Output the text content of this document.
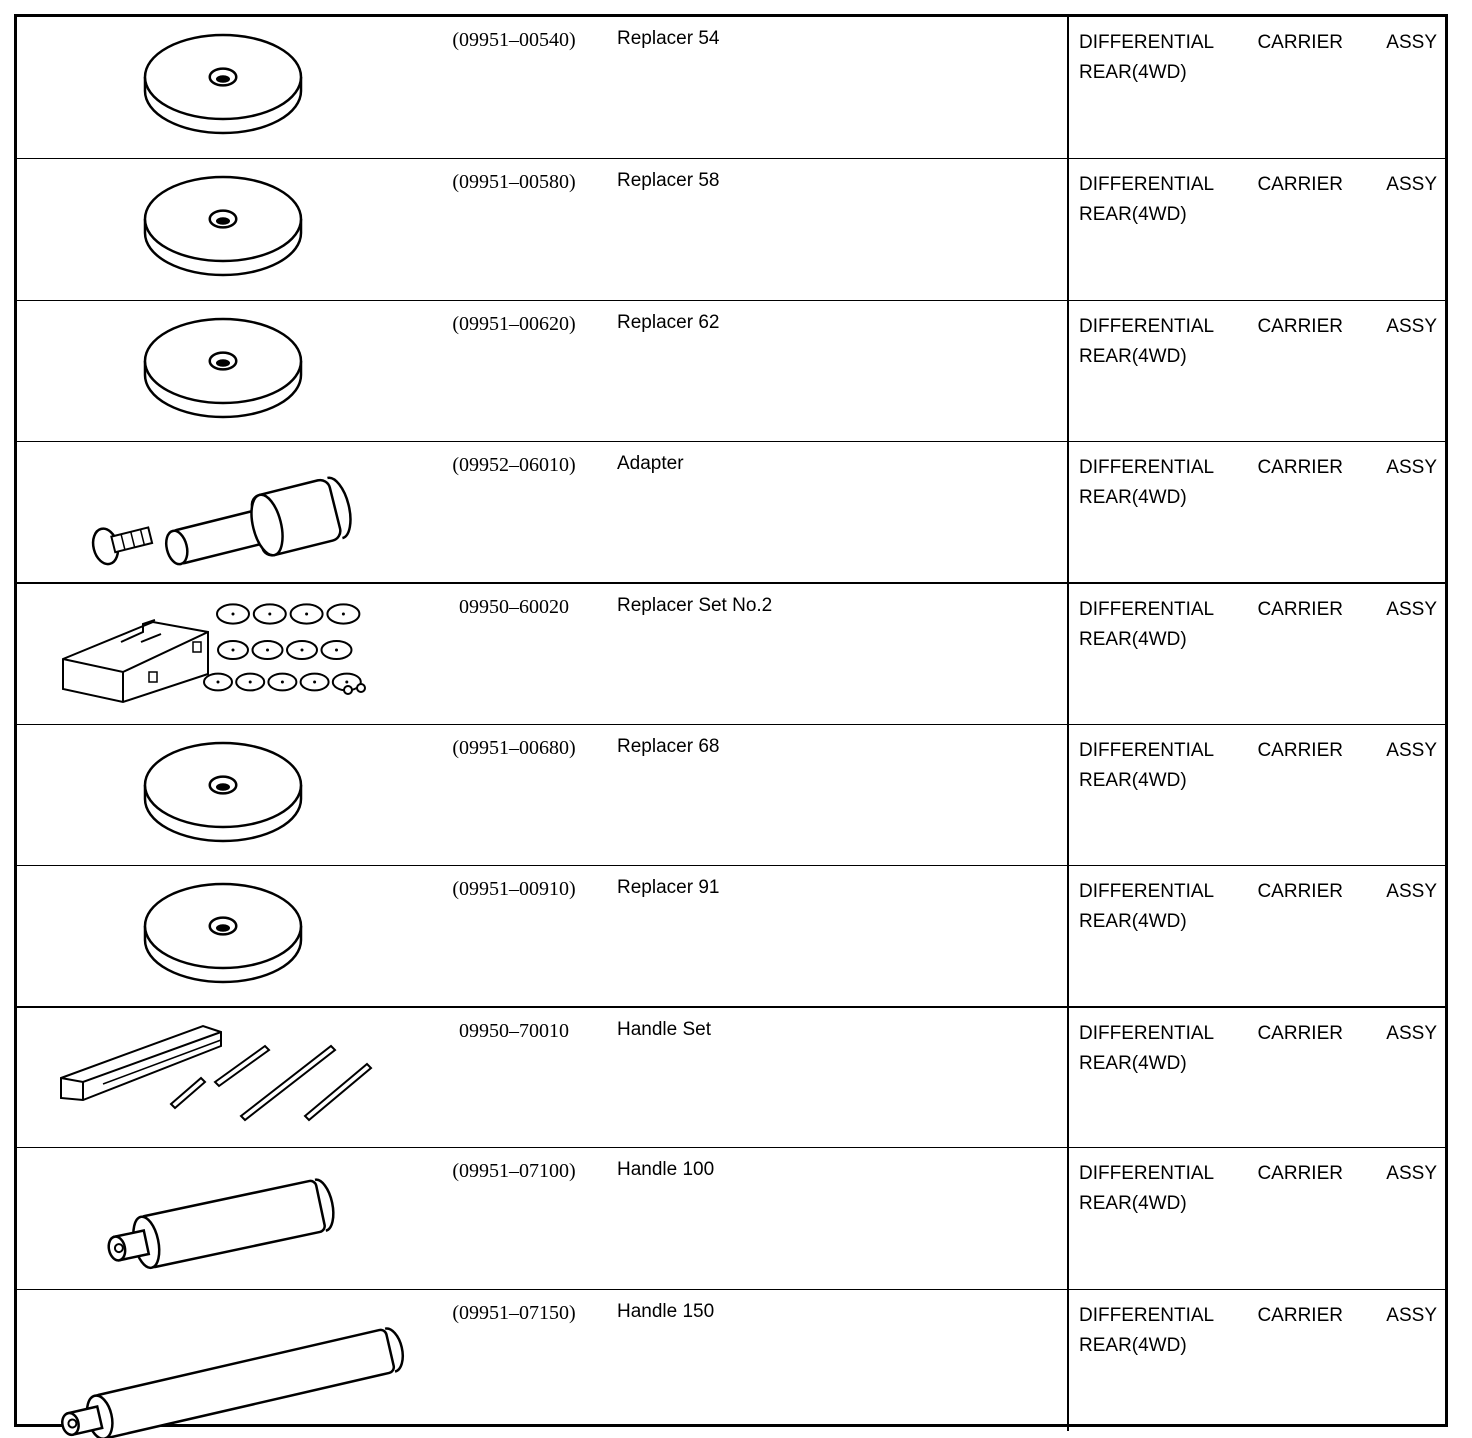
(09951–00540)	Replacer 54	DIFFERENTIAL CARRIER ASSY
REAR(4WD)
(09951–00580)	Replacer 58	DIFFERENTIAL CARRIER ASSY
REAR(4WD)
(09951–00620)	Replacer 62	DIFFERENTIAL CARRIER ASSY
REAR(4WD)
(09952–06010)	Adapter	DIFFERENTIAL CARRIER ASSY
REAR(4WD)
09950–60020	Replacer Set No.2	DIFFERENTIAL CARRIER ASSY
REAR(4WD)
(09951–00680)	Replacer 68	DIFFERENTIAL CARRIER ASSY
REAR(4WD)
(09951–00910)	Replacer 91	DIFFERENTIAL CARRIER ASSY
REAR(4WD)
09950–70010	Handle Set	DIFFERENTIAL CARRIER ASSY
REAR(4WD)
(09951–07100)	Handle 100	DIFFERENTIAL CARRIER ASSY
REAR(4WD)
(09951–07150)	Handle 150	DIFFERENTIAL CARRIER ASSY
REAR(4WD)
